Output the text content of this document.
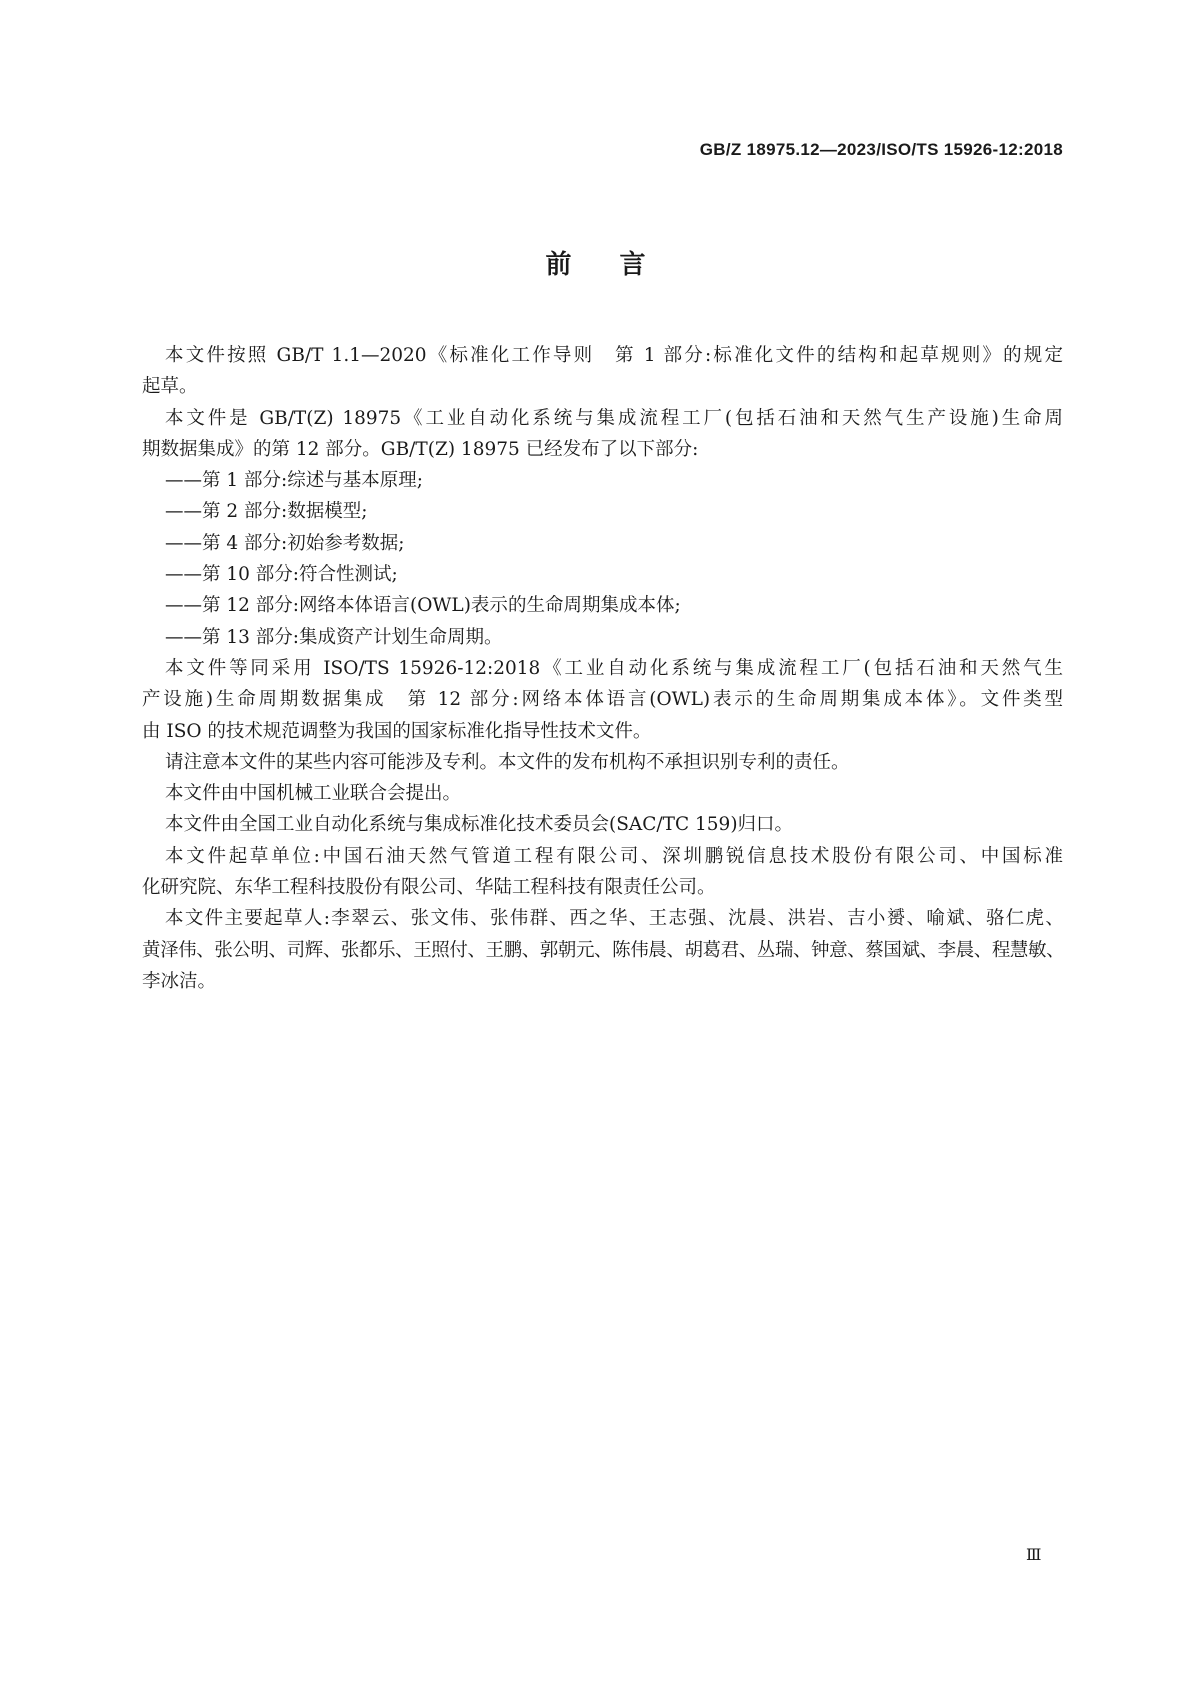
GB/Z 18975.12—2023/ISO/TS 15926-12:2018
前言
本文件按照 GB/T 1.1—2020《标准化工作导则　第 1 部分:标准化文件的结构和起草规则》的规定
起草。
本文件是 GB/T(Z) 18975《工业自动化系统与集成流程工厂(包括石油和天然气生产设施)生命周
期数据集成》的第 12 部分。GB/T(Z) 18975 已经发布了以下部分:
——第 1 部分:综述与基本原理;
——第 2 部分:数据模型;
——第 4 部分:初始参考数据;
——第 10 部分:符合性测试;
——第 12 部分:网络本体语言(OWL)表示的生命周期集成本体;
——第 13 部分:集成资产计划生命周期。
本文件等同采用 ISO/TS 15926-12:2018《工业自动化系统与集成流程工厂(包括石油和天然气生
产设施)生命周期数据集成　第 12 部分:网络本体语言(OWL)表示的生命周期集成本体》。文件类型
由 ISO 的技术规范调整为我国的国家标准化指导性技术文件。
请注意本文件的某些内容可能涉及专利。本文件的发布机构不承担识别专利的责任。
本文件由中国机械工业联合会提出。
本文件由全国工业自动化系统与集成标准化技术委员会(SAC/TC 159)归口。
本文件起草单位:中国石油天然气管道工程有限公司、深圳鹏锐信息技术股份有限公司、中国标准
化研究院、东华工程科技股份有限公司、华陆工程科技有限责任公司。
本文件主要起草人:李翠云、张文伟、张伟群、西之华、王志强、沈晨、洪岩、吉小赟、喻斌、骆仁虎、
黄泽伟、张公明、司辉、张都乐、王照付、王鹏、郭朝元、陈伟晨、胡葛君、丛瑞、钟意、蔡国斌、李晨、程慧敏、
李冰洁。
Ⅲ
